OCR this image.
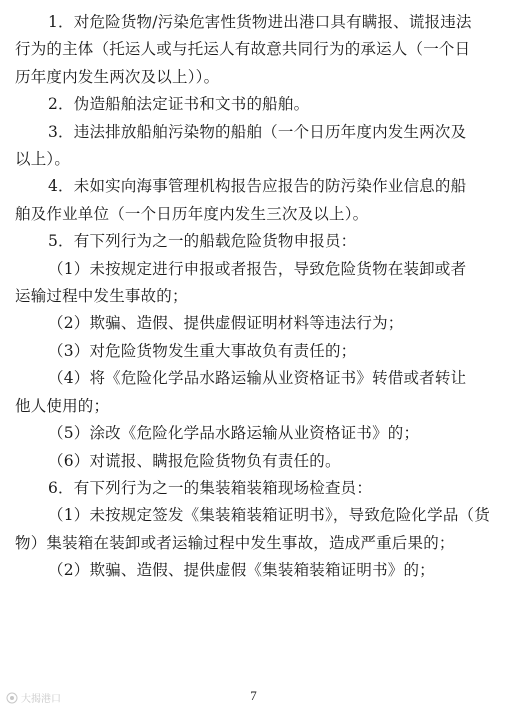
1．对危险货物/污染危害性货物进出港口具有瞒报、谎报违法
行为的主体（托运人或与托运人有故意共同行为的承运人（一个日
历年度内发生两次及以上））。
2．伪造船舶法定证书和文书的船舶。
3．违法排放船舶污染物的船舶（一个日历年度内发生两次及
以上）。
4．未如实向海事管理机构报告应报告的防污染作业信息的船
舶及作业单位（一个日历年度内发生三次及以上）。
5．有下列行为之一的船载危险货物申报员：
（1）未按规定进行申报或者报告，导致危险货物在装卸或者
运输过程中发生事故的；
（2）欺骗、造假、提供虚假证明材料等违法行为；
（3）对危险货物发生重大事故负有责任的；
（4）将《危险化学品水路运输从业资格证书》转借或者转让
他人使用的；
（5）涂改《危险化学品水路运输从业资格证书》的；
（6）对谎报、瞒报危险货物负有责任的。
6．有下列行为之一的集装箱装箱现场检查员：
（1）未按规定签发《集装箱装箱证明书》，导致危险化学品（货
物）集装箱在装卸或者运输过程中发生事故，造成严重后果的；
（2）欺骗、造假、提供虚假《集装箱装箱证明书》的；
7
大揭港口
